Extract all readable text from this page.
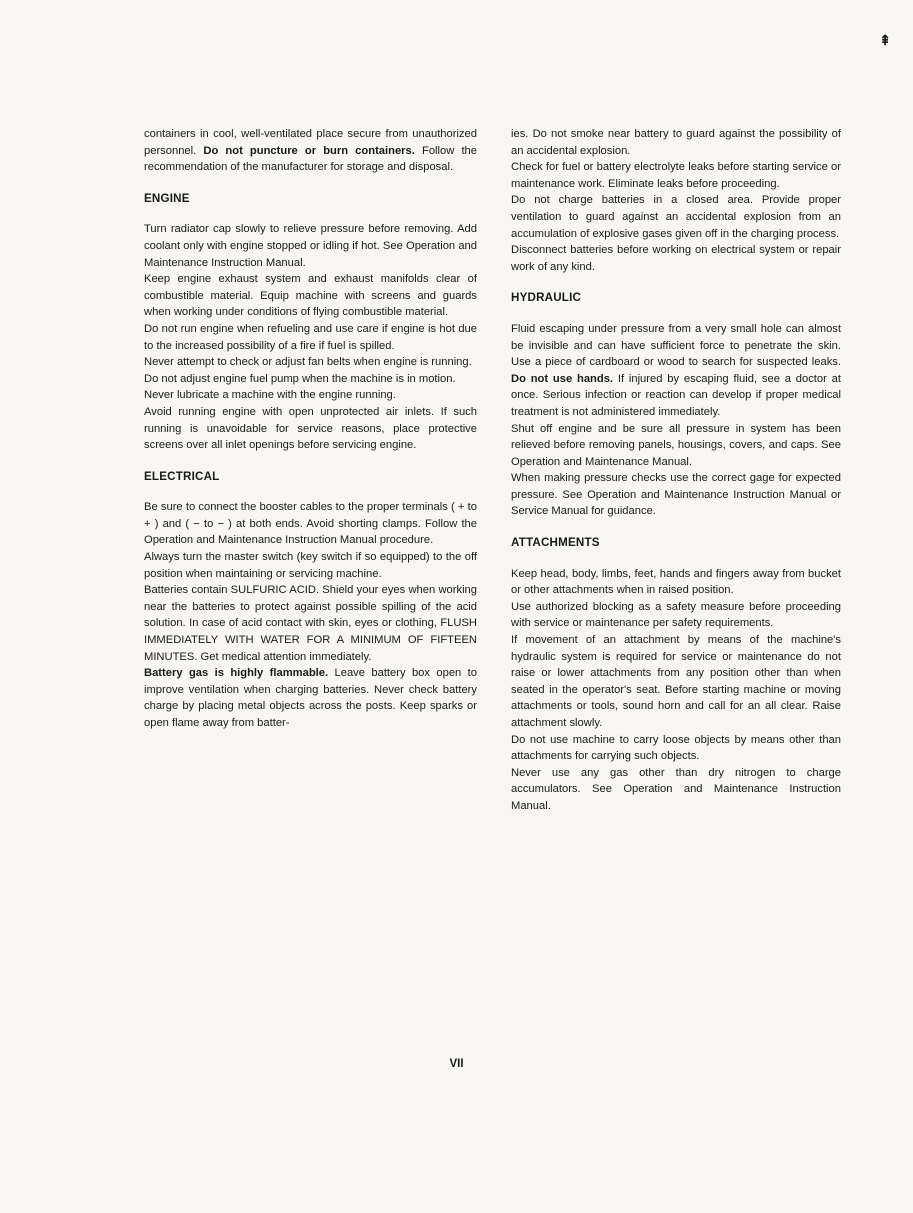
⇞

containers in cool, well-ventilated place secure from unauthorized personnel. Do not puncture or burn containers. Follow the recommendation of the manufacturer for storage and disposal.

ENGINE

Turn radiator cap slowly to relieve pressure before removing. Add coolant only with engine stopped or idling if hot. See Operation and Maintenance Instruction Manual.

Keep engine exhaust system and exhaust manifolds clear of combustible material. Equip machine with screens and guards when working under conditions of flying combustible material.

Do not run engine when refueling and use care if engine is hot due to the increased possibility of a fire if fuel is spilled.

Never attempt to check or adjust fan belts when engine is running.

Do not adjust engine fuel pump when the machine is in motion.

Never lubricate a machine with the engine running.

Avoid running engine with open unprotected air inlets. If such running is unavoidable for service reasons, place protective screens over all inlet openings before servicing engine.

ELECTRICAL

Be sure to connect the booster cables to the proper terminals ( + to + ) and ( − to − ) at both ends. Avoid shorting clamps. Follow the Operation and Maintenance Instruction Manual procedure.

Always turn the master switch (key switch if so equipped) to the off position when maintaining or servicing machine.

Batteries contain SULFURIC ACID. Shield your eyes when working near the batteries to protect against possible spilling of the acid solution. In case of acid contact with skin, eyes or clothing, FLUSH IMMEDIATELY WITH WATER FOR A MINIMUM OF FIFTEEN MINUTES. Get medical attention immediately.

Battery gas is highly flammable. Leave battery box open to improve ventilation when charging batteries. Never check battery charge by placing metal objects across the posts. Keep sparks or open flame away from batter-

ies. Do not smoke near battery to guard against the possibility of an accidental explosion.

Check for fuel or battery electrolyte leaks before starting service or maintenance work. Eliminate leaks before proceeding.

Do not charge batteries in a closed area. Provide proper ventilation to guard against an accidental explosion from an accumulation of explosive gases given off in the charging process.

Disconnect batteries before working on electrical system or repair work of any kind.

HYDRAULIC

Fluid escaping under pressure from a very small hole can almost be invisible and can have sufficient force to penetrate the skin. Use a piece of cardboard or wood to search for suspected leaks. Do not use hands. If injured by escaping fluid, see a doctor at once. Serious infection or reaction can develop if proper medical treatment is not administered immediately.

Shut off engine and be sure all pressure in system has been relieved before removing panels, housings, covers, and caps. See Operation and Maintenance Manual.

When making pressure checks use the correct gage for expected pressure. See Operation and Maintenance Instruction Manual or Service Manual for guidance.

ATTACHMENTS

Keep head, body, limbs, feet, hands and fingers away from bucket or other attachments when in raised position.

Use authorized blocking as a safety measure before proceeding with service or maintenance per safety requirements.

If movement of an attachment by means of the machine's hydraulic system is required for service or maintenance do not raise or lower attachments from any position other than when seated in the operator's seat. Before starting machine or moving attachments or tools, sound horn and call for an all clear. Raise attachment slowly.

Do not use machine to carry loose objects by means other than attachments for carrying such objects.

Never use any gas other than dry nitrogen to charge accumulators. See Operation and Maintenance Instruction Manual.

VII
